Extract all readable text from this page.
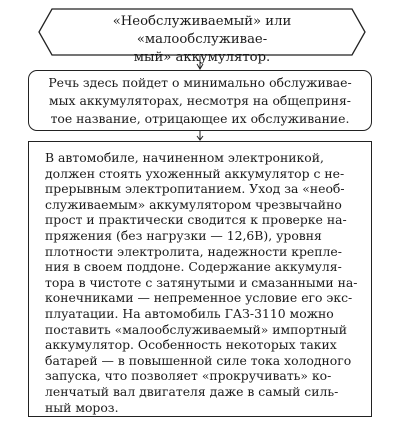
«Необслуживаемый» или «малообслуживае-
мый» аккумулятор.

Речь здесь пойдет о минимально обслуживае-
мых аккумуляторах, несмотря на общеприня-
тое название, отрицающее их обслуживание.

В автомобиле, начиненном электроникой,
должен стоять ухоженный аккумулятор с не-
прерывным электропитанием. Уход за «необ-
служиваемым» аккумулятором чрезвычайно
прост и практически сводится к проверке на-
пряжения (без нагрузки — 12,6В), уровня
плотности электролита, надежности крепле-
ния в своем поддоне. Содержание аккумуля-
тора в чистоте с затянутыми и смазанными на-
конечниками — непременное условие его экс-
плуатации. На автомобиль ГАЗ-3110 можно
поставить «малообслуживаемый» импортный
аккумулятор. Особенность некоторых таких
батарей — в повышенной силе тока холодного
запуска, что позволяет «прокручивать» ко-
ленчатый вал двигателя даже в самый силь-
ный мороз.
